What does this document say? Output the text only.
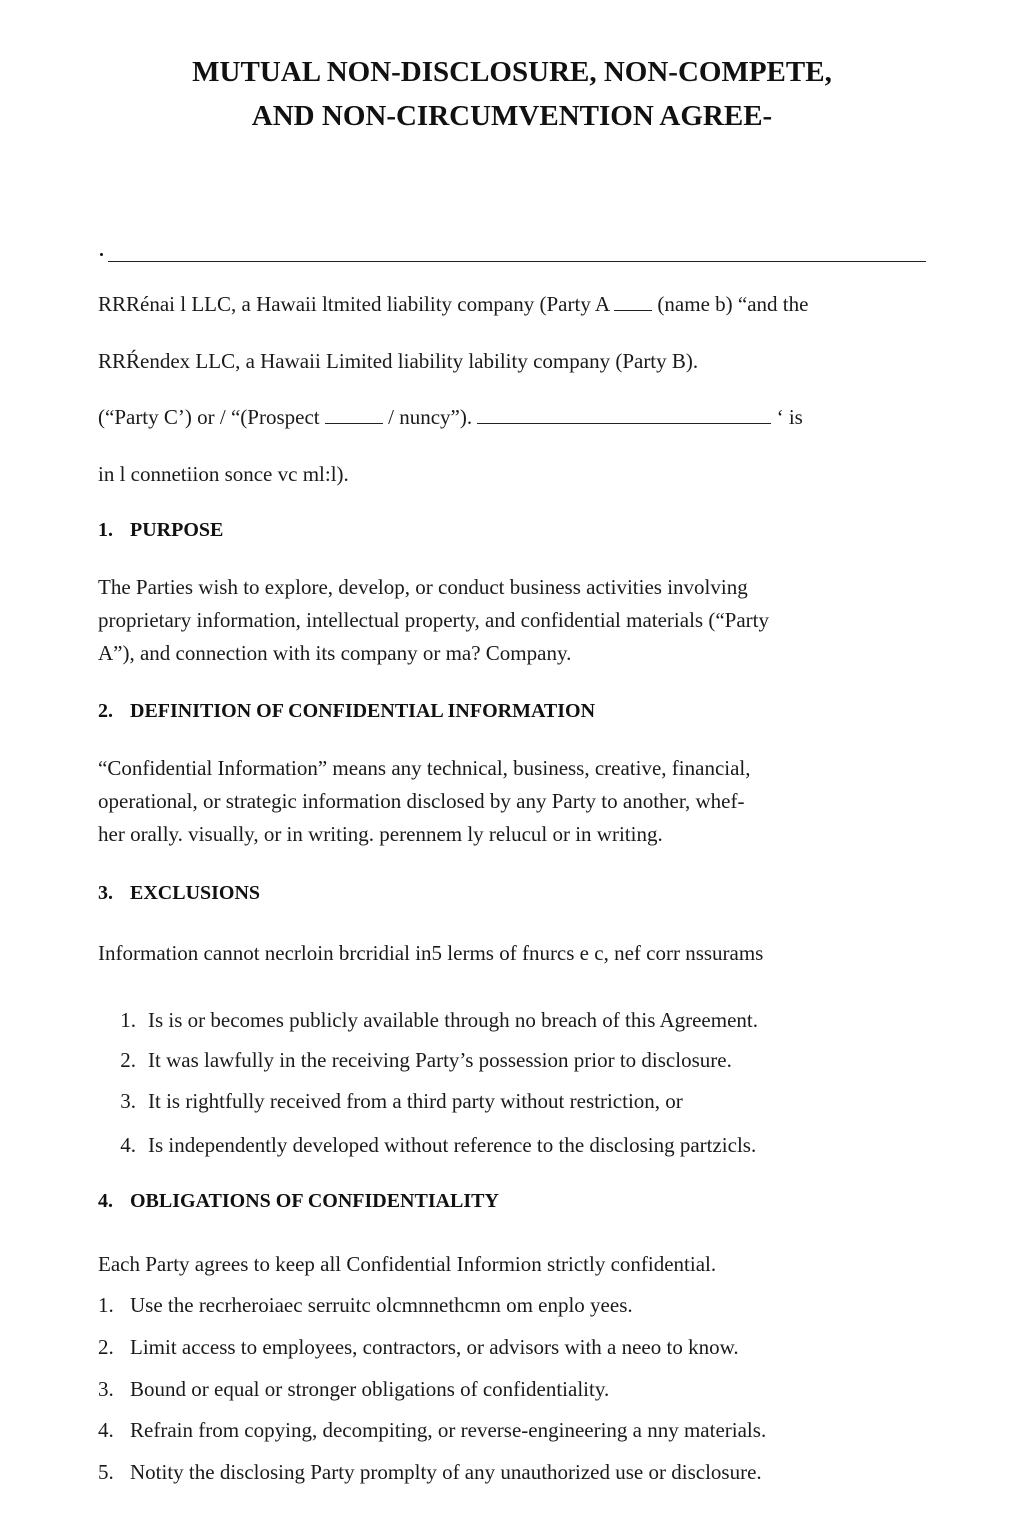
MUTUAL NON-DISCLOSURE, NON-COMPETE,
AND NON-CIRCUMVENTION AGREE-
RRRénai l LLC, a Hawaii ltmited liability company (Party A (name b) “and the
RRŔendex LLC, a Hawaii Limited liability lability company (Party B).
(“Party C’) or / “(Prospect	/ nuncy”).	‘ is
in l connetiion sonce vc ml:l).
1. PURPOSE
The Parties wish to explore, develop, or conduct business activities involving
proprietary information, intellectual property, and confidential materials (“Party
A”), and connection with its company or ma? Company.
2. DEFINITION OF CONFIDENTIAL INFORMATION
“Confidential Information” means any technical, business, creative, financial,
operational, or strategic information disclosed by any Party to another, whef-
her orally. visually, or in writing. perennem ly relucul or in writing.
3. EXCLUSIONS
Information cannot necrloin brcridial in5 lerms of fnurcs e c, nef corr nssurams
1. Is is or becomes publicly available through no breach of this Agreement.
2. It was lawfully in the receiving Party’s possession prior to disclosure.
3. It is rightfully received from a third party without restriction, or
4. Is independently developed without reference to the disclosing partzicls.
4. OBLIGATIONS OF CONFIDENTIALITY
Each Party agrees to keep all Confidential Informion strictly confidential.
1. Use the recrheroiaec serruitc olcmnnethcmn om enplo yees.
2. Limit access to employees, contractors, or advisors with a neeo to know.
3. Bound or equal or stronger obligations of confidentiality.
4. Refrain from copying, decompiting, or reverse-engineering a nny materials.
5. Notity the disclosing Party promplty of any unauthorized use or disclosure.
